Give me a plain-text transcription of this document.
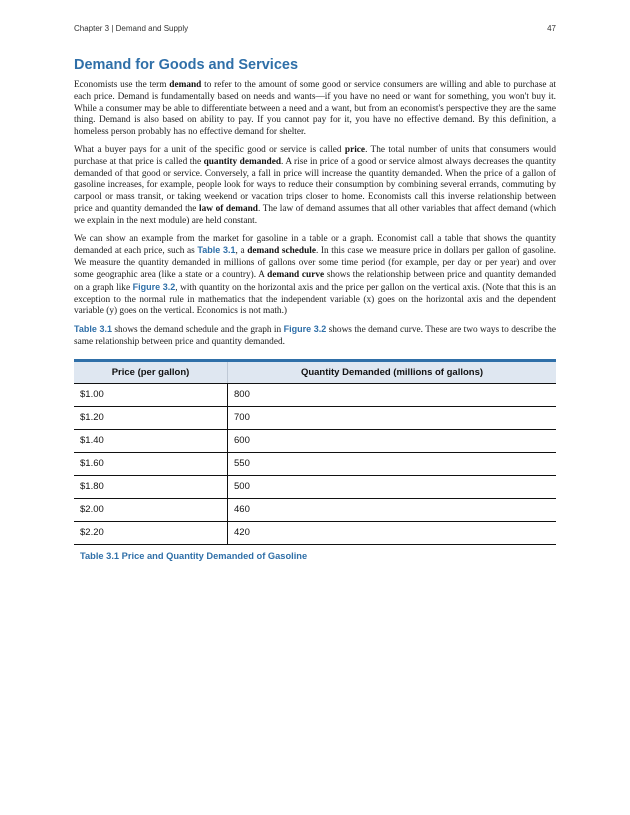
Chapter 3 | Demand and Supply	47
Demand for Goods and Services

Economists use the term demand to refer to the amount of some good or service consumers are willing and able to purchase at each price. Demand is fundamentally based on needs and wants—if you have no need or want for something, you won't buy it. While a consumer may be able to differentiate between a need and a want, but from an economist's perspective they are the same thing. Demand is also based on ability to pay. If you cannot pay for it, you have no effective demand. By this definition, a homeless person probably has no effective demand for shelter.

What a buyer pays for a unit of the specific good or service is called price. The total number of units that consumers would purchase at that price is called the quantity demanded. A rise in price of a good or service almost always decreases the quantity demanded of that good or service. Conversely, a fall in price will increase the quantity demanded. When the price of a gallon of gasoline increases, for example, people look for ways to reduce their consumption by combining several errands, commuting by carpool or mass transit, or taking weekend or vacation trips closer to home. Economists call this inverse relationship between price and quantity demanded the law of demand. The law of demand assumes that all other variables that affect demand (which we explain in the next module) are held constant.

We can show an example from the market for gasoline in a table or a graph. Economist call a table that shows the quantity demanded at each price, such as Table 3.1, a demand schedule. In this case we measure price in dollars per gallon of gasoline. We measure the quantity demanded in millions of gallons over some time period (for example, per day or per year) and over some geographic area (like a state or a country). A demand curve shows the relationship between price and quantity demanded on a graph like Figure 3.2, with quantity on the horizontal axis and the price per gallon on the vertical axis. (Note that this is an exception to the normal rule in mathematics that the independent variable (x) goes on the horizontal axis and the dependent variable (y) goes on the vertical. Economics is not math.)

Table 3.1 shows the demand schedule and the graph in Figure 3.2 shows the demand curve. These are two ways to describe the same relationship between price and quantity demanded.

Price (per gallon)	Quantity Demanded (millions of gallons)
$1.00	800
$1.20	700
$1.40	600
$1.60	550
$1.80	500
$2.00	460
$2.20	420
Table 3.1 Price and Quantity Demanded of Gasoline
